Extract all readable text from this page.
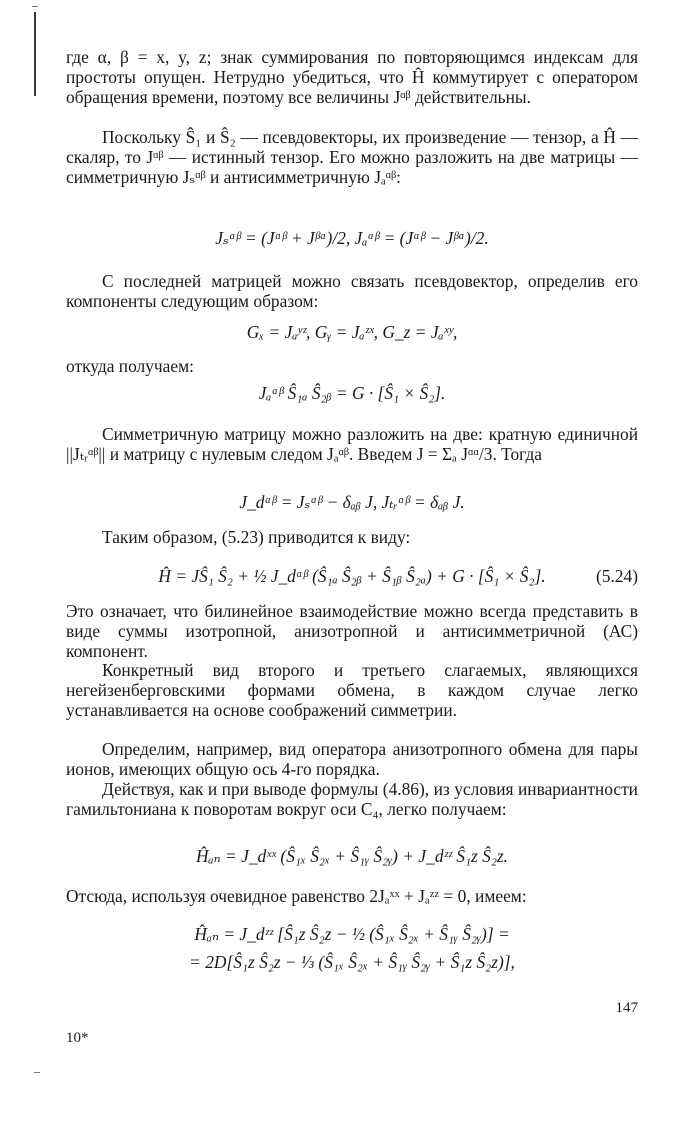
где α, β = x, y, z; знак суммирования по повторяющимся индексам для простоты опущен. Нетрудно убедиться, что Ĥ коммутирует с оператором обращения времени, поэтому все величины Jᵅᵝ действительны.

Поскольку Ŝ₁ и Ŝ₂ — псевдовекторы, их произведение — тензор, а Ĥ — скаляр, то Jᵅᵝ — истинный тензор. Его можно разложить на две матрицы — симметричную Jₛᵅᵝ и антисимметричную Jₐᵅᵝ:

Jₛᵅᵝ = (Jᵅᵝ + Jᵝᵅ)/2, Jₐᵅᵝ = (Jᵅᵝ − Jᵝᵅ)/2.

С последней матрицей можно связать псевдовектор, определив его компоненты следующим образом:

Gₓ = Jₐʸᶻ, Gᵧ = Jₐᶻˣ, G_z = Jₐˣʸ,

откуда получаем:

Jₐᵅᵝ Ŝ₁ₐ Ŝ₂ᵦ = G · [Ŝ₁ × Ŝ₂].

Симметричную матрицу можно разложить на две: кратную единичной ||Jₜᵣᵅᵝ|| и матрицу с нулевым следом Jₐᵅᵝ. Введем J = Σₐ Jᵅᵅ/3. Тогда

J_dᵅᵝ = Jₛᵅᵝ − δₐᵦ J, Jₜᵣᵅᵝ = δₐᵦ J.

Таким образом, (5.23) приводится к виду:

Ĥ = JŜ₁ Ŝ₂ + ½ J_dᵅᵝ (Ŝ₁ₐ Ŝ₂ᵦ + Ŝ₁ᵦ Ŝ₂ₐ) + G · [Ŝ₁ × Ŝ₂].	(5.24)

Это означает, что билинейное взаимодействие можно всегда представить в виде суммы изотропной, анизотропной и антисимметричной (АС) компонент.

Конкретный вид второго и третьего слагаемых, являющихся негейзенберговскими формами обмена, в каждом случае легко устанавливается на основе соображений симметрии.

Определим, например, вид оператора анизотропного обмена для пары ионов, имеющих общую ось 4-го порядка.

Действуя, как и при выводе формулы (4.86), из условия инвариантности гамильтониана к поворотам вокруг оси C₄, легко получаем:

Ĥₐₙ = J_dˣˣ (Ŝ₁ₓ Ŝ₂ₓ + Ŝ₁ᵧ Ŝ₂ᵧ) + J_dᶻᶻ Ŝ₁z Ŝ₂z.

Отсюда, используя очевидное равенство 2Jₐˣˣ + Jₐᶻᶻ = 0, имеем:

Ĥₐₙ = J_dᶻᶻ [Ŝ₁z Ŝ₂z − ½ (Ŝ₁ₓ Ŝ₂ₓ + Ŝ₁ᵧ Ŝ₂ᵧ)] =
= 2D[Ŝ₁z Ŝ₂z − ⅓ (Ŝ₁ₓ Ŝ₂ₓ + Ŝ₁ᵧ Ŝ₂ᵧ + Ŝ₁z Ŝ₂z)],
147
10*
